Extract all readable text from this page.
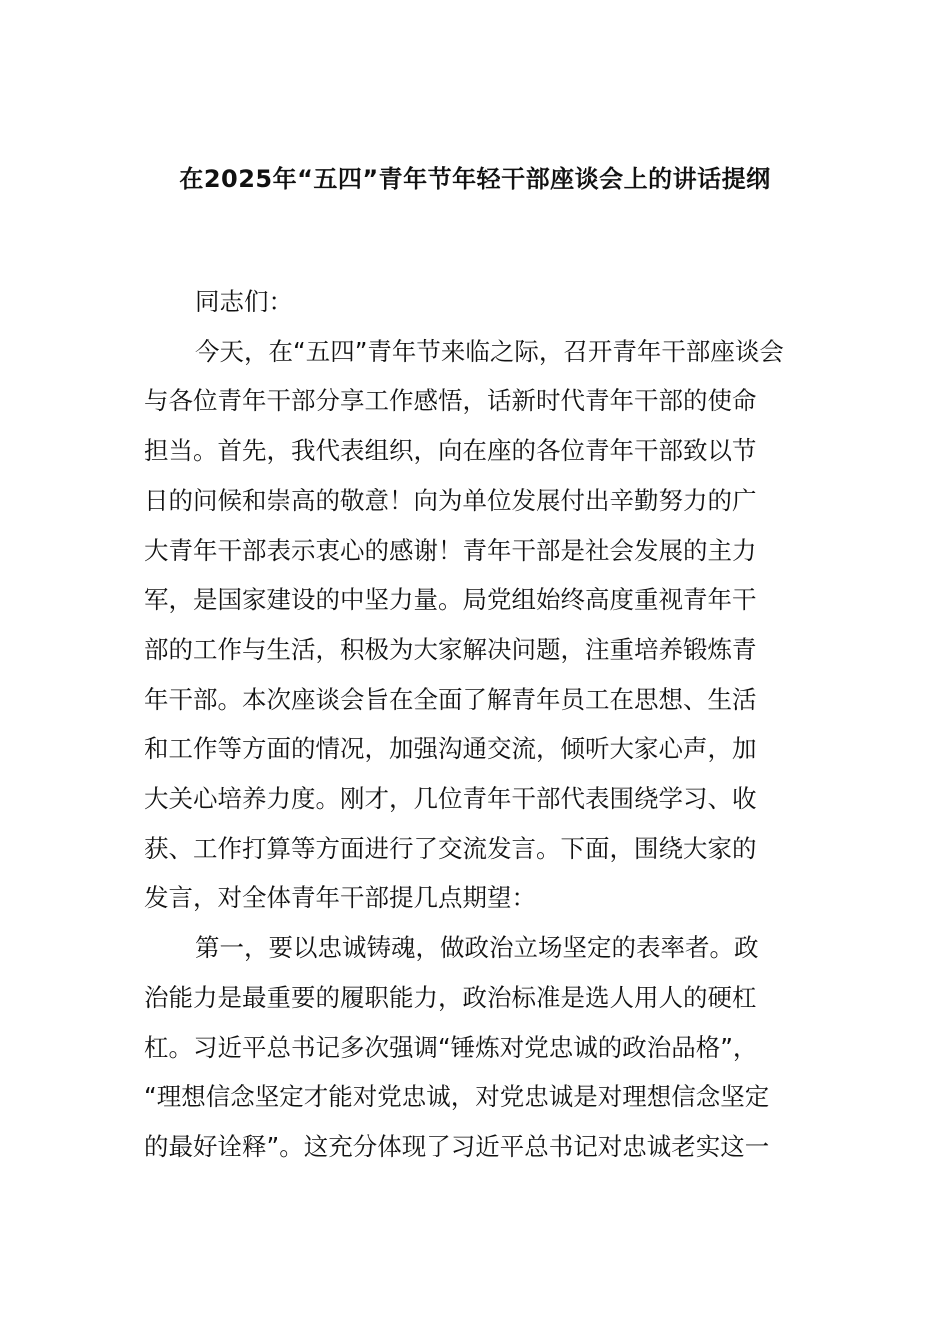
在2025年“五四”青年节年轻干部座谈会上的讲话提纲

同志们：

今天，在“五四”青年节来临之际，召开青年干部座谈会

与各位青年干部分享工作感悟，话新时代青年干部的使命

担当。首先，我代表组织，向在座的各位青年干部致以节

日的问候和崇高的敬意！向为单位发展付出辛勤努力的广

大青年干部表示衷心的感谢！青年干部是社会发展的主力

军，是国家建设的中坚力量。局党组始终高度重视青年干

部的工作与生活，积极为大家解决问题，注重培养锻炼青

年干部。本次座谈会旨在全面了解青年员工在思想、生活

和工作等方面的情况，加强沟通交流，倾听大家心声，加

大关心培养力度。刚才，几位青年干部代表围绕学习、收

获、工作打算等方面进行了交流发言。下面，围绕大家的

发言，对全体青年干部提几点期望：

第一，要以忠诚铸魂，做政治立场坚定的表率者。政

治能力是最重要的履职能力，政治标准是选人用人的硬杠

杠。习近平总书记多次强调“锤炼对党忠诚的政治品格”，

“理想信念坚定才能对党忠诚，对党忠诚是对理想信念坚定

的最好诠释”。这充分体现了习近平总书记对忠诚老实这一
